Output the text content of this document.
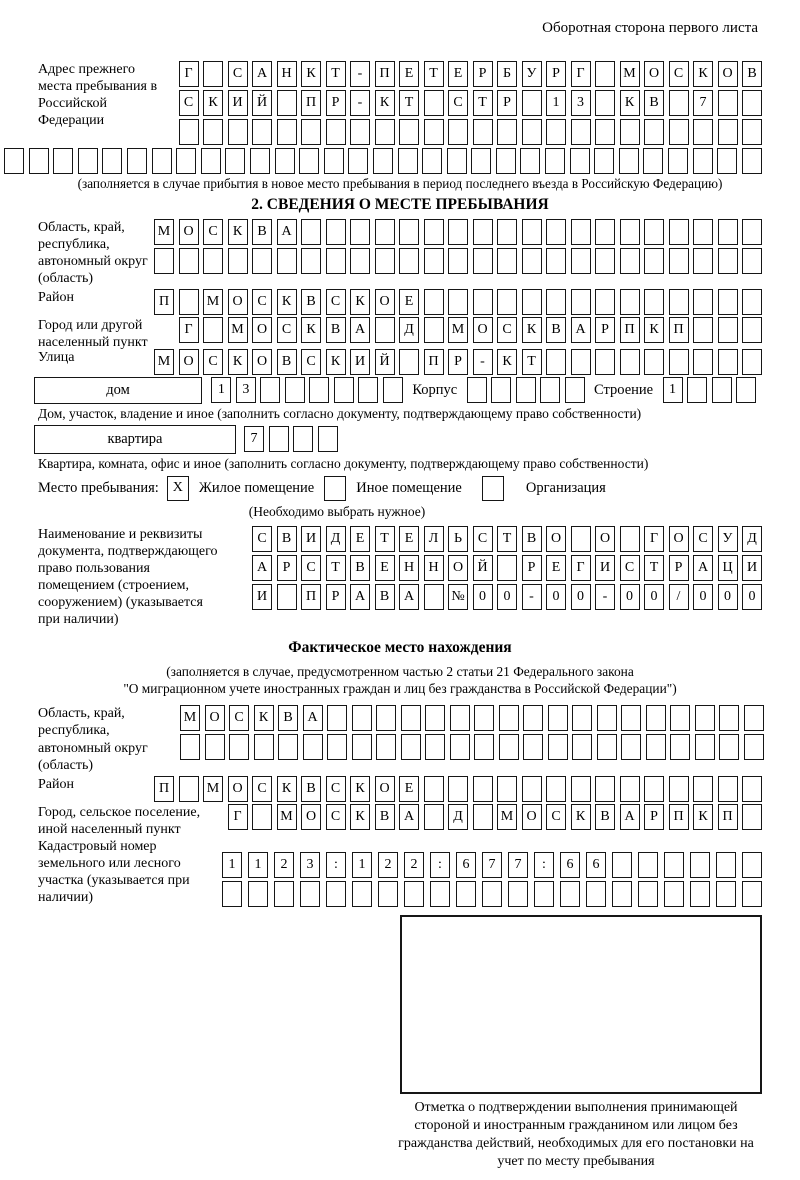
Оборотная сторона первого листа
Адрес прежнего места пребывания в Российской Федерации
Г	С	А	Н	К	Т	-	П	Е	Т	Е	Р	Б	У	Р	Г	М О	С	К	О	В
С	К	И	Й	П	Р	-	К	Т	С	Т	Р	1	3	К	В	7
(заполняется в случае прибытия в новое место пребывания в период последнего въезда в Российскую Федерацию)
2. СВЕДЕНИЯ О МЕСТЕ ПРЕБЫВАНИЯ
Область, край, республика, автономный округ (область)
М О	С	К	В	А
Район	П	М О	С	К	В	С	К	О	Е
Город или другой населенный пункт
Г	М О	С	К	В	А	Д	М О	С	К	В	А	Р	П	К	П
Улица	М О	С	К	О	В	С	К	И	Й	П	Р	-	К	Т
дом	1	3	Корпус	Строение	1
Дом, участок, владение и иное (заполнить согласно документу, подтверждающему право собственности)
квартира	7
Квартира, комната, офис и иное (заполнить согласно документу, подтверждающему право собственности)
Место пребывания: X	Жилое помещение	Иное помещение	Организация
(Необходимо выбрать нужное)
Наименование и реквизиты документа, подтверждающего право пользования помещением (строением, сооружением) (указывается при наличии)
С	В	И	Д	Е	Т	Е	Л	Ь	С	Т	В	О	О	Г	О	С	У	Д
А	Р	С	Т	В	Е	Н	Н	О	Й	Р	Е	Г	И	С	Т	Р	А	Ц	И
И	П	Р	А	В	А	№	0	0	-	0	0	-	0	0	/	0	0	0
Фактическое место нахождения
(заполняется в случае, предусмотренном частью 2 статьи 21 Федерального закона
"О миграционном учете иностранных граждан и лиц без гражданства в Российской Федерации")
Область, край, республика, автономный округ (область)
М О	С	К	В	А
Район	П	М О	С	К	В	С	К	О	Е
Город, сельское поселение, иной населенный пункт
Г	М О	С	К	В	А	Д	М О	С	К	В	А	Р	П	К	П
Кадастровый номер земельного или лесного участка (указывается при наличии)
1	1	2	3	:	1	2	2	:	6	7	7	:	6	6
Отметка о подтверждении выполнения принимающей стороной и иностранным гражданином или лицом без гражданства действий, необходимых для его постановки на учет по месту пребывания
